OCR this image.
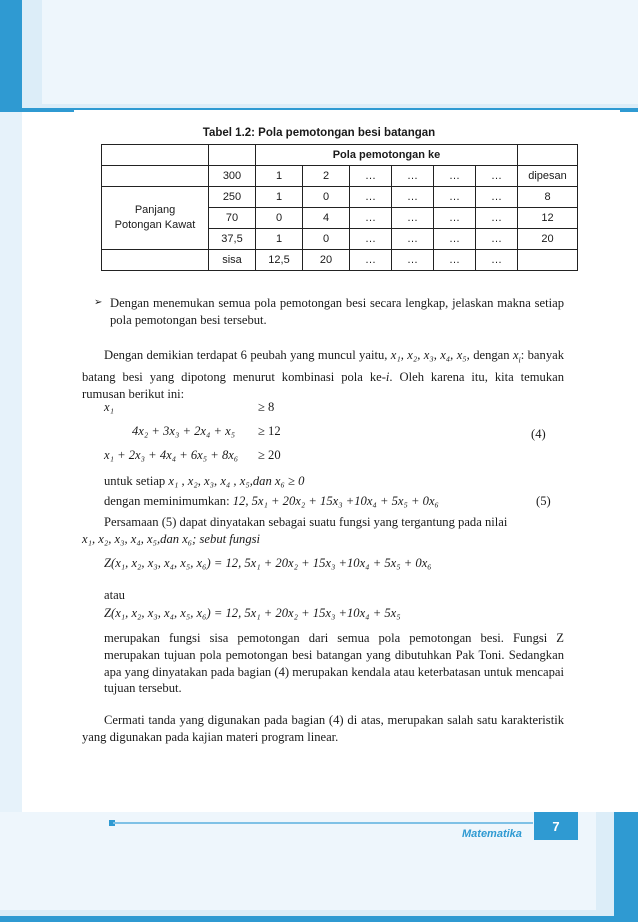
Tabel 1.2: Pola pemotongan besi batangan
		Pola pemotongan ke						
	300	1	2	…	…	…	…	dipesan

Panjang
Potongan Kawat	250	1	0	…	…	…	…	8
	70	0	4	…	…	…	…	12
	37,5	1	0	…	…	…	…	20
	sisa	12,5	20	…	…	…	…	
➢ Dengan menemukan semua pola pemotongan besi secara lengkap, jelaskan makna setiap pola pemotongan besi tersebut.
Dengan demikian terdapat 6 peubah yang muncul yaitu, x₁, x₂, x₃, x₄, x₅, dengan $x_i$: banyak batang besi yang dipotong menurut kombinasi pola ke-i. Oleh karena itu, kita temukan rumusan berikut ini:
x₁	≥ 8
4x₂ + 3x₃ + 2x₄ + x₅ ≥ 12	(4)
x₁ + 2x₃ + 4x₄ + 6x₅ + 8x₆ ≥ 20
untuk setiap x₁ , x₂, x₃, x₄ , x₅,dan x₆ ≥ 0
dengan meminimumkan: 12, 5x₁ + 20x₂ + 15x₃ +10x₄ + 5x₅ + 0x₆	(5)
Persamaan (5) dapat dinyatakan sebagai suatu fungsi yang tergantung pada nilai
x₁, x₂, x₃, x₄, x₅,dan x₆; sebut fungsi
Z(x₁, x₂, x₃, x₄, x₅, x₆) = 12, 5x₁ + 20x₂ + 15x₃ +10x₄ + 5x₅ + 0x₆
atau
Z(x₁, x₂, x₃, x₄, x₅, x₆) = 12, 5x₁ + 20x₂ + 15x₃ +10x₄ + 5x₅
merupakan fungsi sisa pemotongan dari semua pola pemotongan besi. Fungsi Z merupakan tujuan pola pemotongan besi batangan yang dibutuhkan Pak Toni. Sedangkan apa yang dinyatakan pada bagian (4) merupakan kendala atau keterbatasan untuk mencapai tujuan tersebut.
Cermati tanda yang digunakan pada bagian (4) di atas, merupakan salah satu karakteristik yang digunakan pada kajian materi program linear.
Matematika
7
